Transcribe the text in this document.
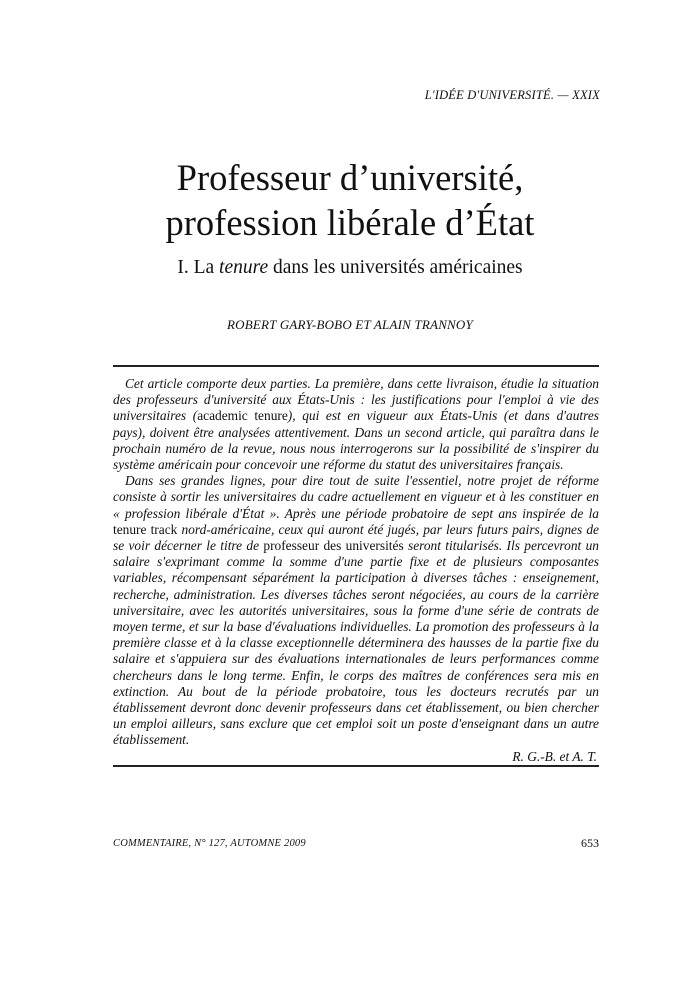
L'IDÉE D'UNIVERSITÉ. — XXIX
Professeur d’université,
profession libérale d’État
I. La tenure dans les universités américaines
ROBERT GARY-BOBO ET ALAIN TRANNOY

Cet article comporte deux parties. La première, dans cette livraison, étudie la situation des professeurs d'université aux États-Unis : les justifications pour l'emploi à vie des universitaires (academic tenure), qui est en vigueur aux États-Unis (et dans d'autres pays), doivent être analysées attentivement. Dans un second article, qui paraîtra dans le prochain numéro de la revue, nous nous interrogerons sur la possibilité de s'inspirer du système américain pour concevoir une réforme du statut des universitaires français.

Dans ses grandes lignes, pour dire tout de suite l'essentiel, notre projet de réforme consiste à sortir les universitaires du cadre actuellement en vigueur et à les constituer en « profession libérale d'État ». Après une période probatoire de sept ans inspirée de la tenure track nord-américaine, ceux qui auront été jugés, par leurs futurs pairs, dignes de se voir décerner le titre de professeur des universités seront titularisés. Ils percevront un salaire s'exprimant comme la somme d'une partie fixe et de plusieurs composantes variables, récompensant séparément la participation à diverses tâches : enseignement, recherche, administration. Les diverses tâches seront négociées, au cours de la carrière universitaire, avec les autorités universitaires, sous la forme d'une série de contrats de moyen terme, et sur la base d'évaluations individuelles. La promotion des professeurs à la première classe et à la classe exceptionnelle déterminera des hausses de la partie fixe du salaire et s'appuiera sur des évaluations internationales de leurs performances comme chercheurs dans le long terme. Enfin, le corps des maîtres de conférences sera mis en extinction. Au bout de la période probatoire, tous les docteurs recrutés par un établissement devront donc devenir professeurs dans cet établissement, ou bien chercher un emploi ailleurs, sans exclure que cet emploi soit un poste d'enseignant dans un autre établissement.

R. G.-B. et A. T.
COMMENTAIRE, N° 127, AUTOMNE 2009	653
